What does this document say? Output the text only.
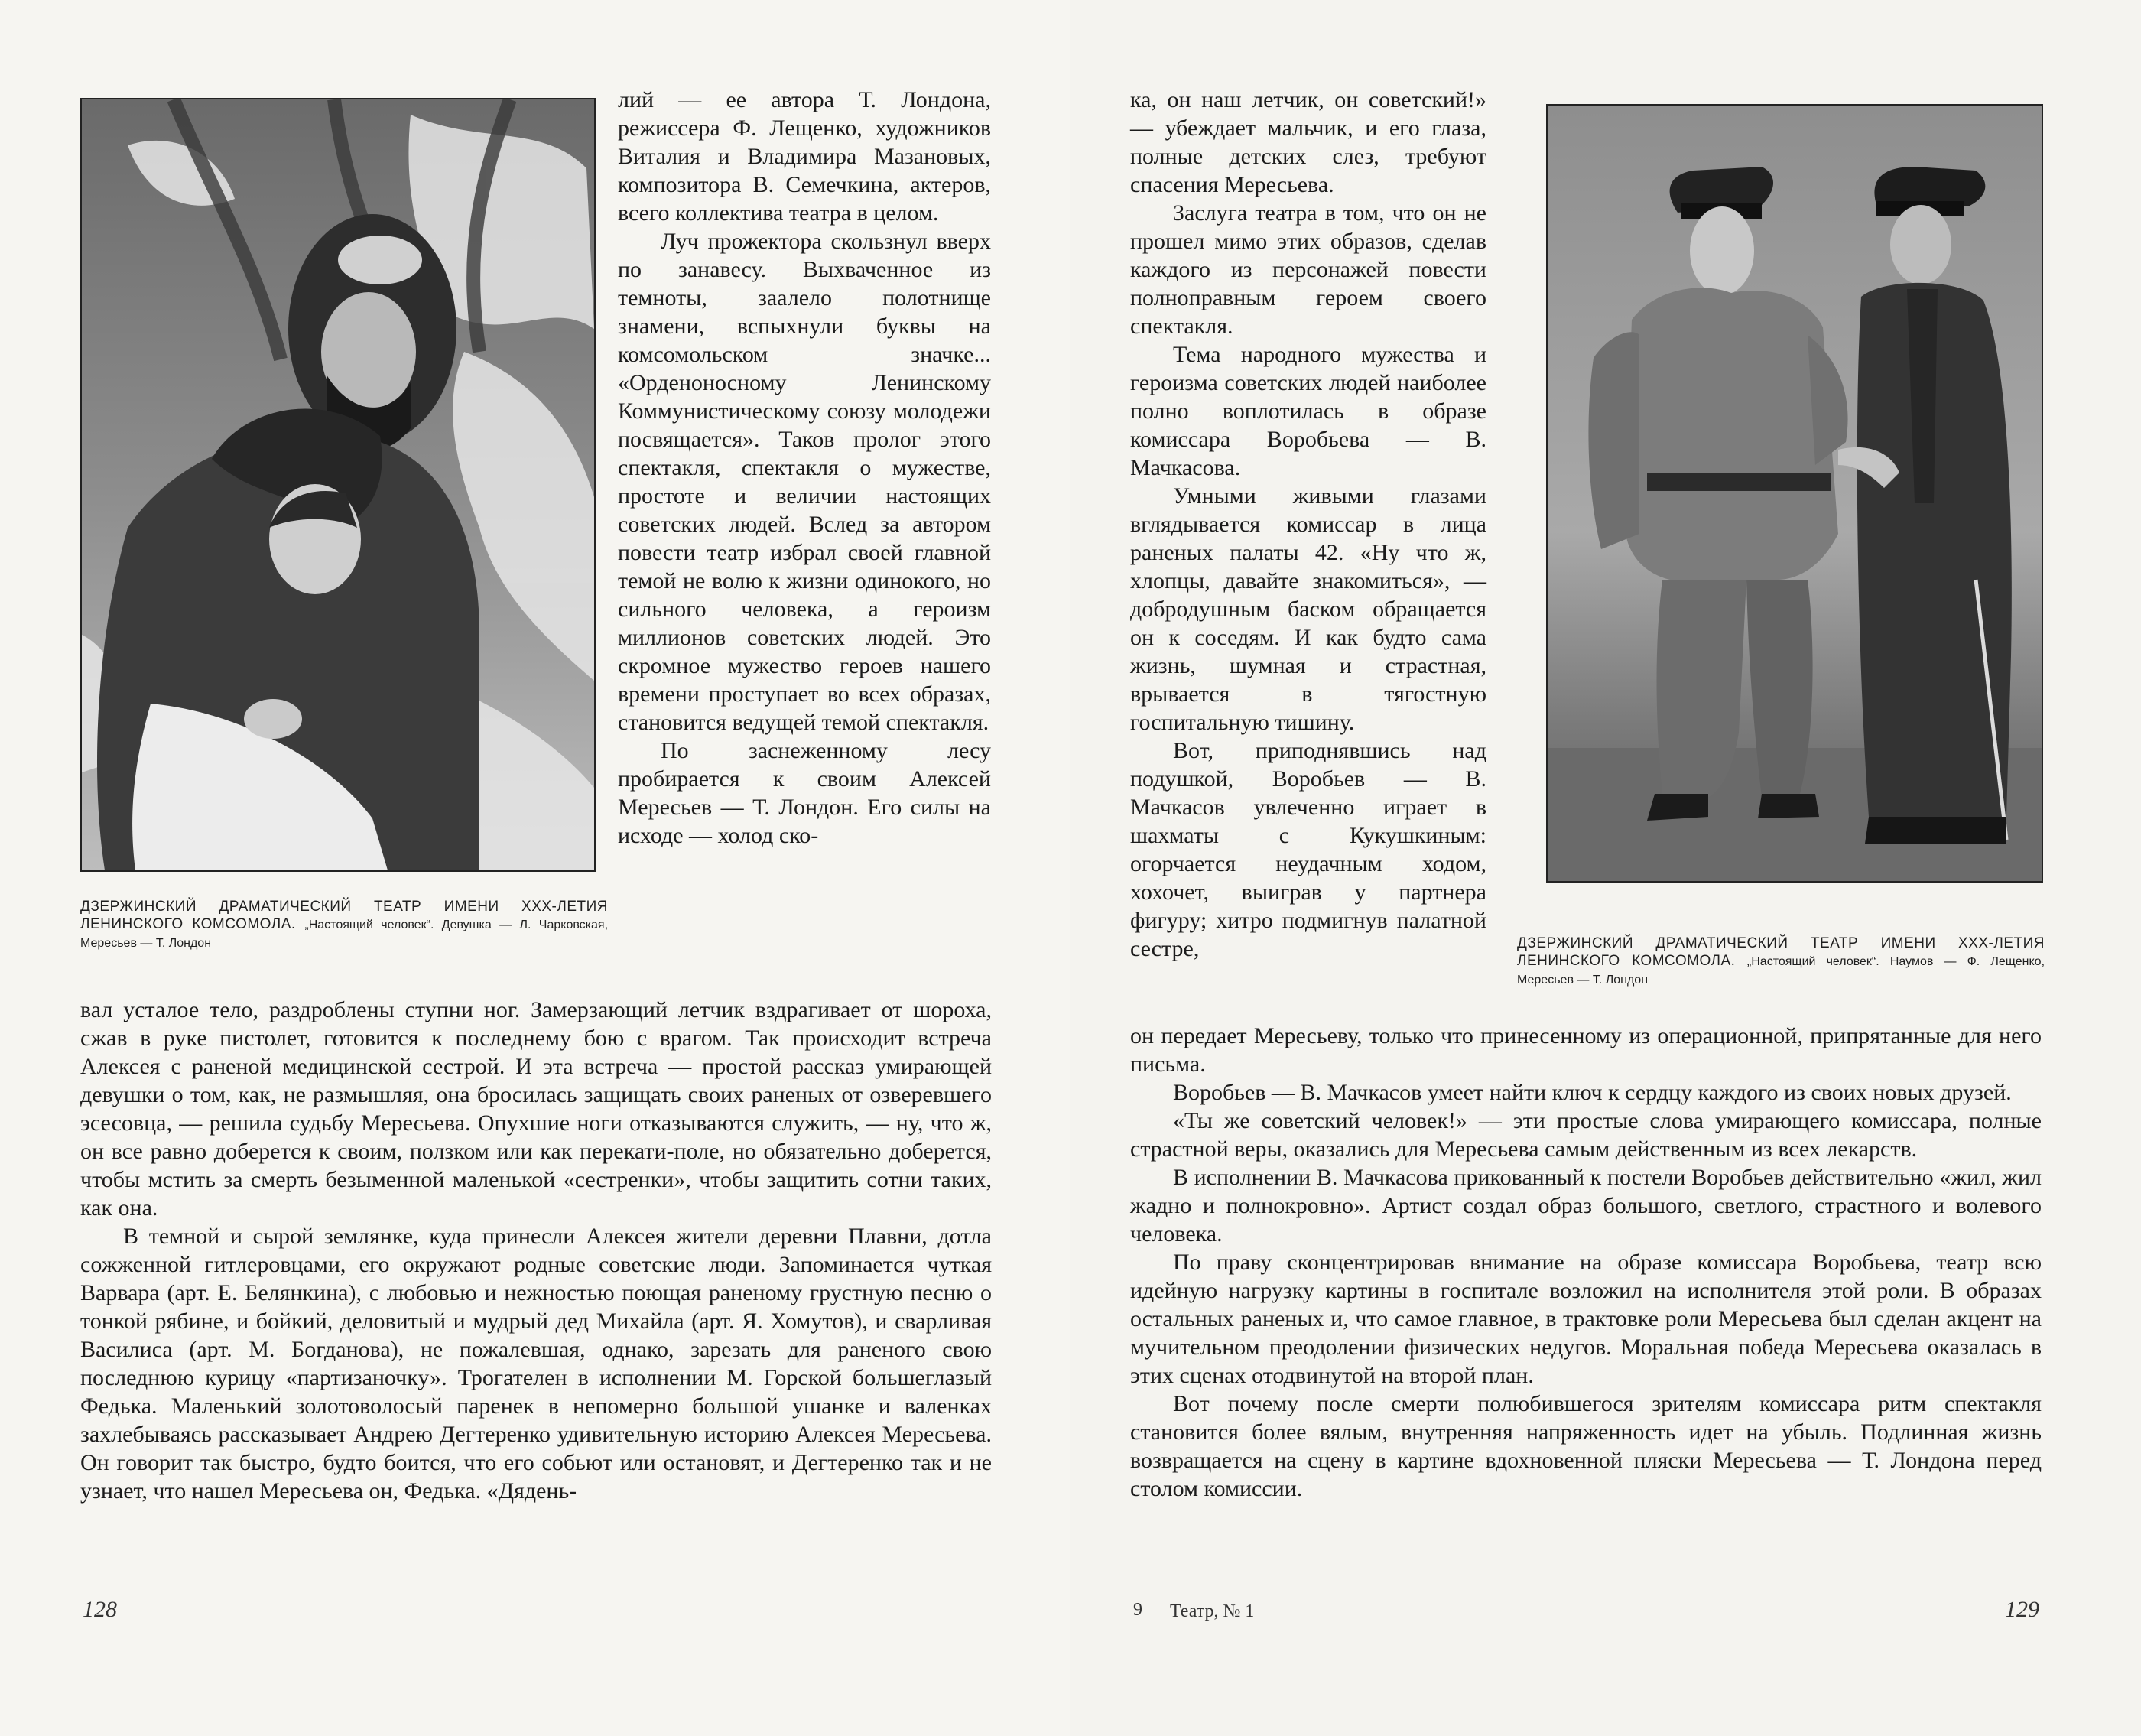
ДЗЕРЖИНСКИЙ ДРАМАТИЧЕСКИЙ ТЕАТР ИМЕНИ XXX-ЛЕТИЯ ЛЕНИНСКОГО КОМСОМОЛА. „Настоящий человек“. Девушка — Л. Чарковская, Мересьев — Т. Лондон

лий — ее автора Т. Лондона, режиссера Ф. Лещенко, художников Виталия и Владимира Мазановых, композитора В. Семечкина, актеров, всего коллектива театра в целом.

Луч прожектора скользнул вверх по занавесу. Выхваченное из темноты, заалело полотнище знамени, вспыхнули буквы на комсомольском значке... «Орденоносному Ленинскому Коммунистическому союзу молодежи посвящается». Таков пролог этого спектакля, спектакля о мужестве, простоте и величии настоящих советских людей. Вслед за автором повести театр избрал своей главной темой не волю к жизни одинокого, но сильного человека, а героизм миллионов советских людей. Это скромное мужество героев нашего времени проступает во всех образах, становится ведущей темой спектакля.

По заснеженному лесу пробирается к своим Алексей Мересьев — Т. Лондон. Его силы на исходе — холод ско-

вал усталое тело, раздроблены ступни ног. Замерзающий летчик вздрагивает от шороха, сжав в руке пистолет, готовится к последнему бою с врагом. Так происходит встреча Алексея с раненой медицинской сестрой. И эта встреча — простой рассказ умирающей девушки о том, как, не размышляя, она бросилась защищать своих раненых от озверевшего эсесовца, — решила судьбу Мересьева. Опухшие ноги отказываются служить, — ну, что ж, он все равно доберется к своим, ползком или как перекати-поле, но обязательно доберется, чтобы мстить за смерть безыменной маленькой «сестренки», чтобы защитить сотни таких, как она.

В темной и сырой землянке, куда принесли Алексея жители деревни Плавни, дотла сожженной гитлеровцами, его окружают родные советские люди. Запоминается чуткая Варвара (арт. Е. Белянкина), с любовью и нежностью поющая раненому грустную песню о тонкой рябине, и бойкий, деловитый и мудрый дед Михайла (арт. Я. Хомутов), и сварливая Василиса (арт. М. Богданова), не пожалевшая, однако, зарезать для раненого свою последнюю курицу «партизаночку». Трогателен в исполнении М. Горской большеглазый Федька. Маленький золотоволосый паренек в непомерно большой ушанке и валенках захлебываясь рассказывает Андрею Дегтеренко удивительную историю Алексея Мересьева. Он говорит так быстро, будто боится, что его собьют или остановят, и Дегтеренко так и не узнает, что нашел Мересьева он, Федька. «Дядень-

128

ка, он наш летчик, он советский!» — убеждает мальчик, и его глаза, полные детских слез, требуют спасения Мересьева.

Заслуга театра в том, что он не прошел мимо этих образов, сделав каждого из персонажей повести полноправным героем своего спектакля.

Тема народного мужества и героизма советских людей наиболее полно воплотилась в образе комиссара Воробьева — В. Мачкасова.

Умными живыми глазами вглядывается комиссар в лица раненых палаты 42. «Ну что ж, хлопцы, давайте знакомиться», — добродушным баском обращается он к соседям. И как будто сама жизнь, шумная и страстная, врывается в тягостную госпитальную тишину.

Вот, приподнявшись над подушкой, Воробьев — В. Мачкасов увлеченно играет в шахматы с Кукушкиным: огорчается неудачным ходом, хохочет, выиграв у партнера фигуру; хитро подмигнув палатной сестре,	ДЗЕРЖИНСКИЙ ДРАМАТИЧЕСКИЙ ТЕАТР ИМЕНИ XXX-ЛЕТИЯ ЛЕНИНСКОГО КОМСОМОЛА. „Настоящий человек“. Наумов — Ф. Лещенко, Мересьев — Т. Лондон

он передает Мересьеву, только что принесенному из операционной, припрятанные для него письма.

Воробьев — В. Мачкасов умеет найти ключ к сердцу каждого из своих новых друзей.

«Ты же советский человек!» — эти простые слова умирающего комиссара, полные страстной веры, оказались для Мересьева самым действенным из всех лекарств.

В исполнении В. Мачкасова прикованный к постели Воробьев действительно «жил, жил жадно и полнокровно». Артист создал образ большого, светлого, страстного и волевого человека.

По праву сконцентрировав внимание на образе комиссара Воробьева, театр всю идейную нагрузку картины в госпитале возложил на исполнителя этой роли. В образах остальных раненых и, что самое главное, в трактовке роли Мересьева был сделан акцент на мучительном преодолении физических недугов. Моральная победа Мересьева оказалась в этих сценах отодвинутой на второй план.

Вот почему после смерти полюбившегося зрителям комиссара ритм спектакля становится более вялым, внутренняя напряженность идет на убыль. Подлинная жизнь возвращается на сцену в картине вдохновенной пляски Мересьева — Т. Лондона перед столом комиссии.

9 Театр, № 1	129
